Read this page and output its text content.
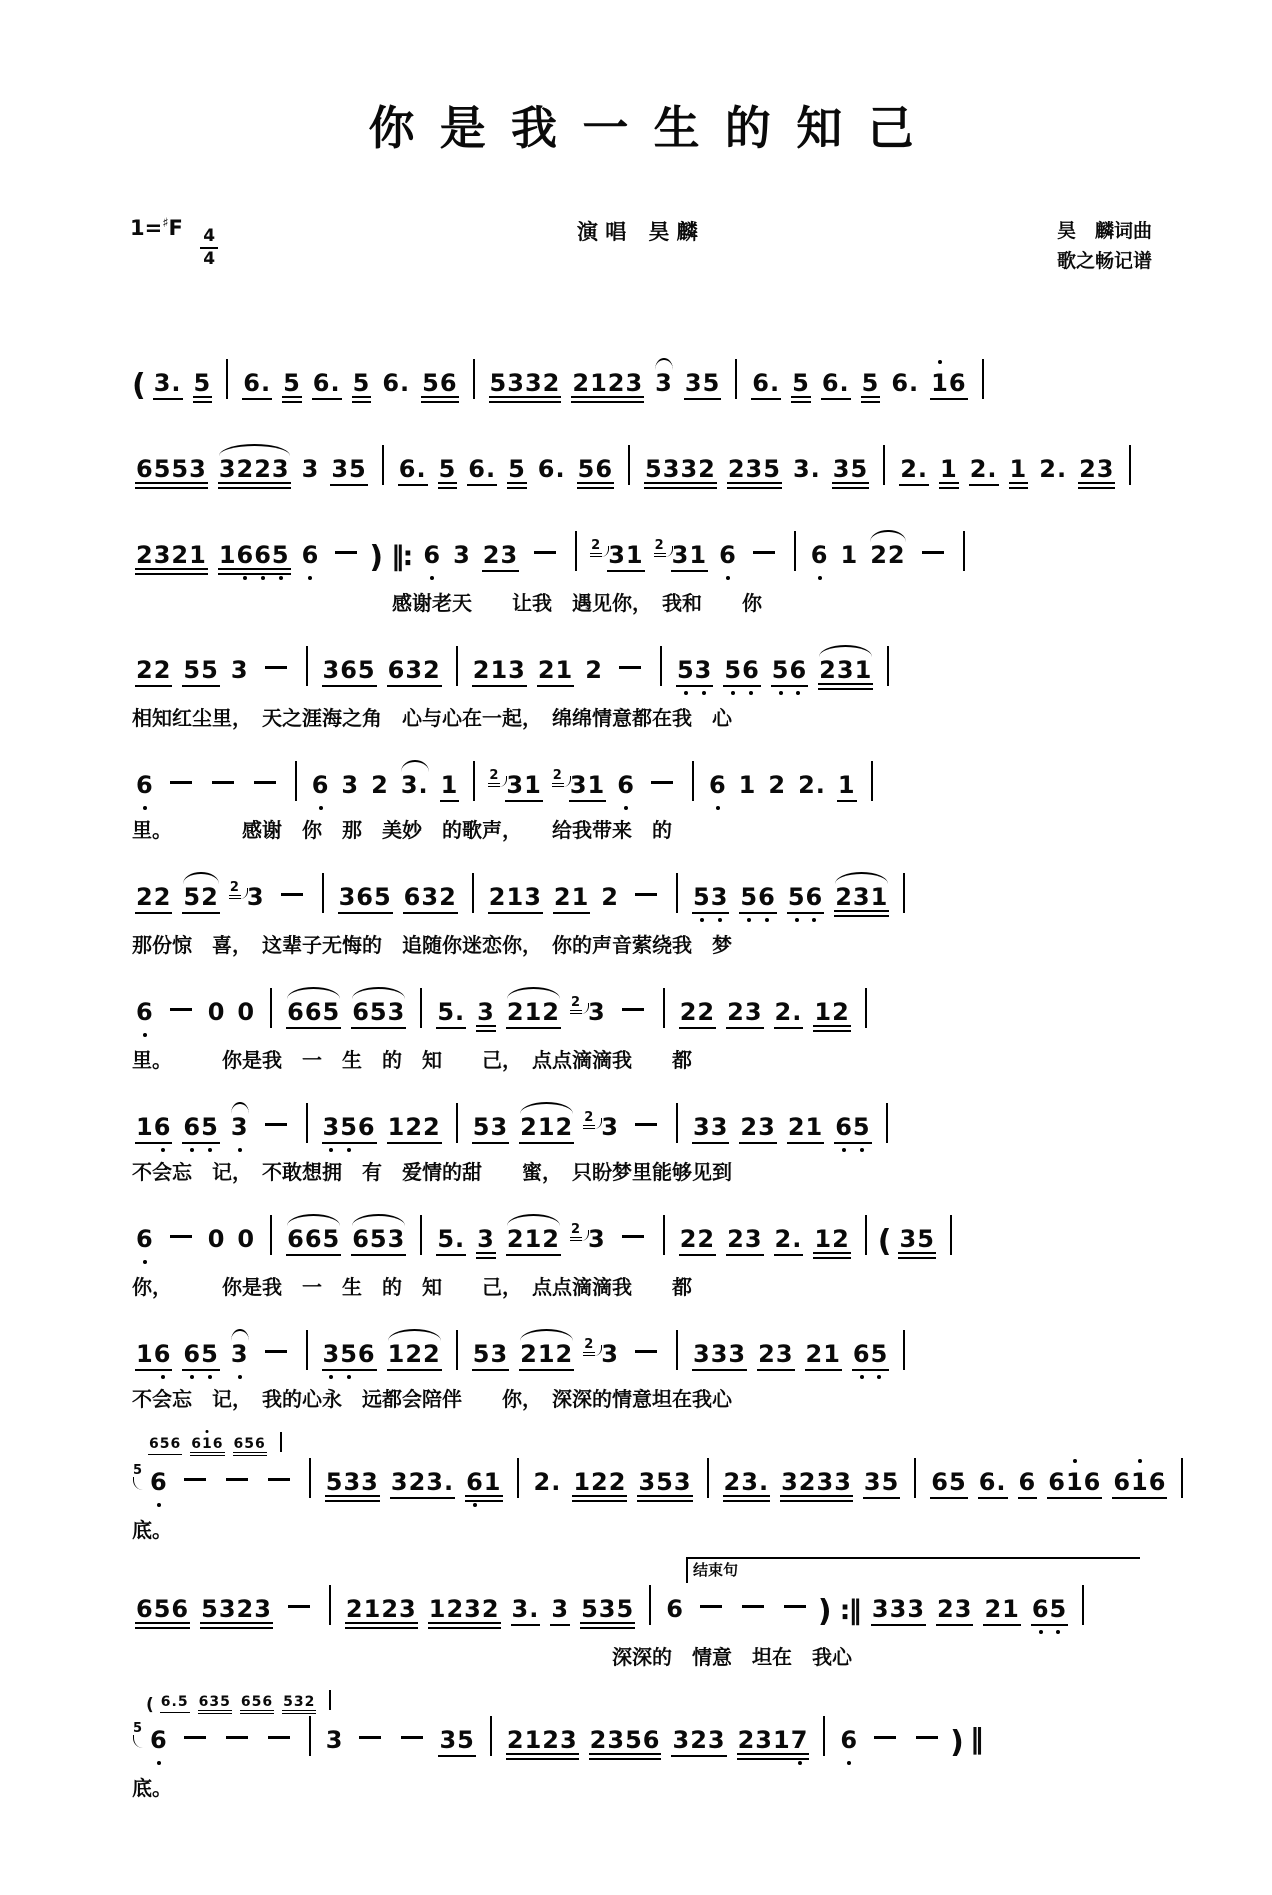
你是我一生的知己
$1=^♯F \frac{4}{4}$	演唱 昊麟	昊　麟词曲
歌之畅记谱
( 3. 5 6. 5 6. 5 6. 56 5332 2123 3 35 6. 5 6. 5 6. 1
6
6553 3223 3 35 6. 5 6. 5 6. 56 5332 235 3. 35 2. 1 2. 1 2. 23
2321 16
6
5 6 ) ‖: 6 3 23	2 31 2 31 6	6 1 22
　　　　　　　　　　　　　感谢老天　　让我　遇见你，　我和　　你
22 55 3	365 632 213 21 2	5
3 5
6 5
6 231
相知红尘里，　天之涯海之角　心与心在一起，　绵绵情意都在我　心
6	6 3 2 3. 1 2 31 2 31 6	6 1 2 2. 1
里。　　　　感谢　你　那　美妙　的歌声，　　给我带来　的
22 52 2 3	365 632 213 21 2	5
3 5
6 5
6 231
那份惊　喜，　这辈子无悔的　追随你迷恋你，　你的声音萦绕我　梦
6 0 0 665 653 5. 3 212 2 3	22 23 2. 12
里。　　　你是我　一　生　的　知　　己，　点点滴滴我　　都
16 6
5 3	3
5
6 122 53 212 2 3	33 23 21 6
5
不会忘　记，　不敢想拥　有　爱情的甜　　蜜，　只盼梦里能够见到
6 0 0 665 653 5. 3 212 2 3	22 23 2. 12 ( 35
你，　　　你是我　一　生　的　知　　己，　点点滴滴我　　都
16 6
5 3	3
5
6 122 53 212 2 3	333 23 21 6
5
不会忘　记，　我的心永　远都会陪伴　　你，　深深的情意坦在我心
656 61
6 656
5 6	533 323. 6
1 2. 122 353 23. 3233 35 65 6. 6 61
6 61
6
底。
结束句
656 5323	2123 1232 3. 3 535 6	) :‖ 333 23 21 6
5
　　　　　　　　　　　　　　　　　　　　　　　　深深的　情意　坦在　我心
( 6.5 635 656 532
5 6	3	35 2123 2356 323 2317 6	) ‖
底。
